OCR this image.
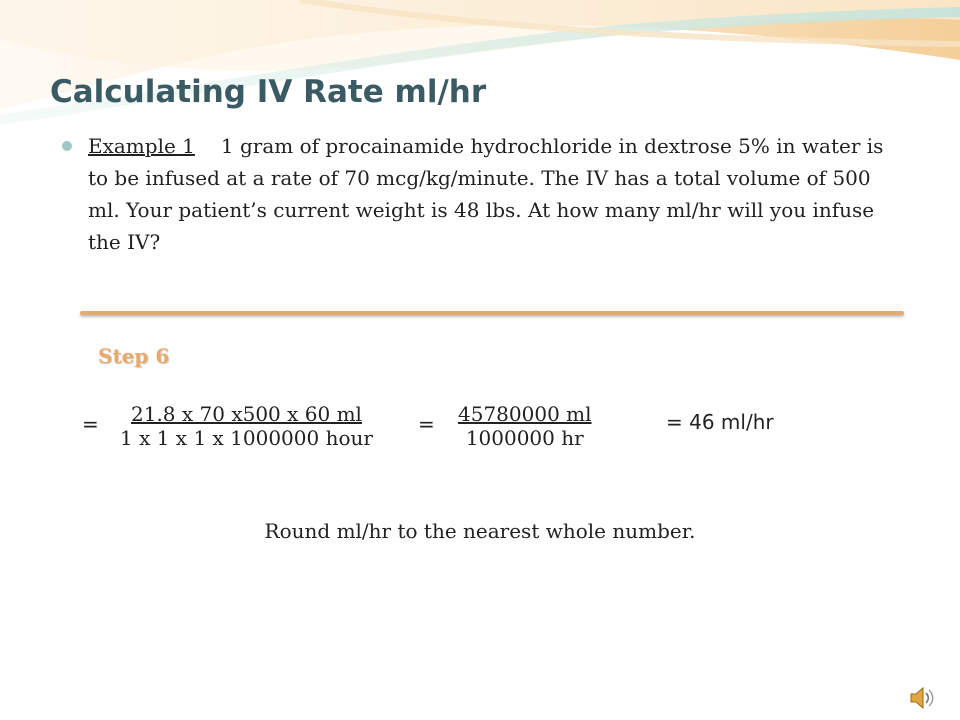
Calculating IV Rate ml/hr
Example 1 1 gram of procainamide hydrochloride in dextrose 5% in water is to be infused at a rate of 70 mcg/kg/minute. The IV has a total volume of 500 ml. Your patient’s current weight is 48 lbs. At how many ml/hr will you infuse the IV?
Step 6
=	21.8 x 70 x500 x 60 ml
1 x 1 x 1 x 1000000 hour
= $\frac{45780000 ml}{1000000 hr}$	= 46 ml/hr
Round ml/hr to the nearest whole number.
